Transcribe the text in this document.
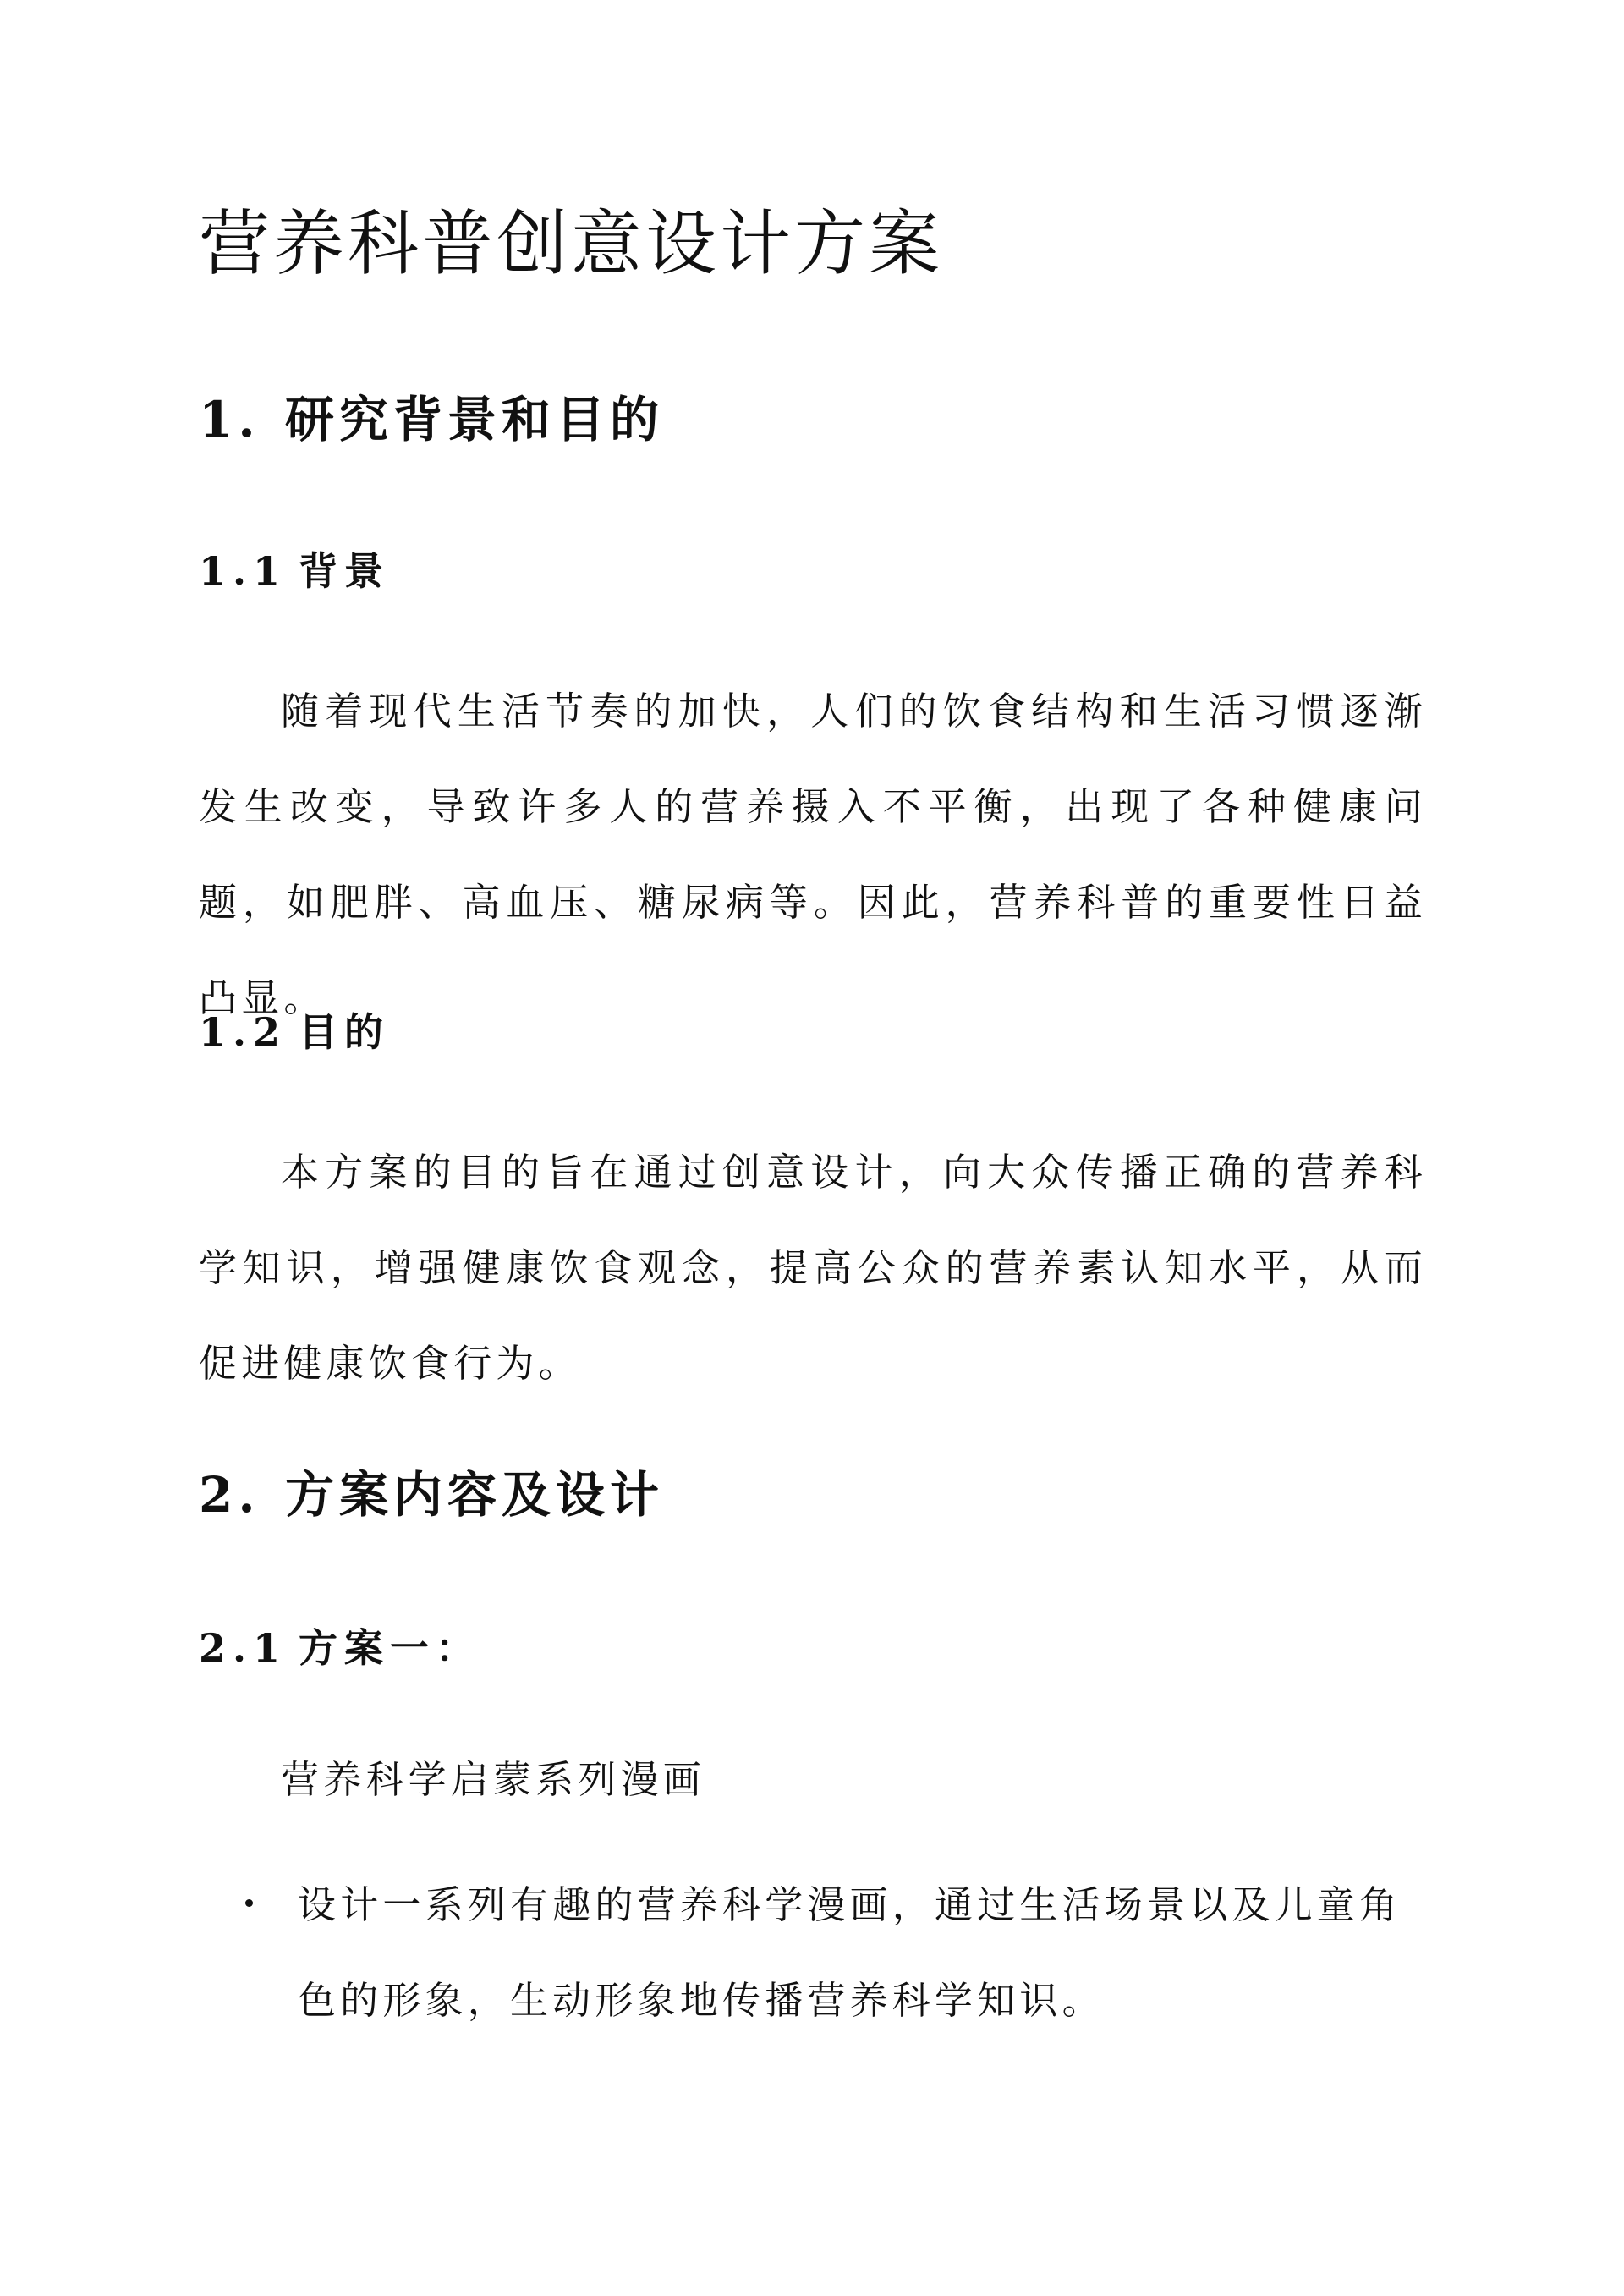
营养科普创意设计方案
1. 研究背景和目的
1.1 背景

随着现代生活节奏的加快，人们的饮食结构和生活习惯逐渐发生改变，导致许多人的营养摄入不平衡，出现了各种健康问题，如肥胖、高血压、糖尿病等。因此，营养科普的重要性日益凸显。

1.2 目的

本方案的目的旨在通过创意设计，向大众传播正确的营养科学知识，增强健康饮食观念，提高公众的营养素认知水平，从而促进健康饮食行为。

2. 方案内容及设计
2.1 方案一：

营养科学启蒙系列漫画

设计一系列有趣的营养科学漫画，通过生活场景以及儿童角色的形象，生动形象地传播营养科学知识。
